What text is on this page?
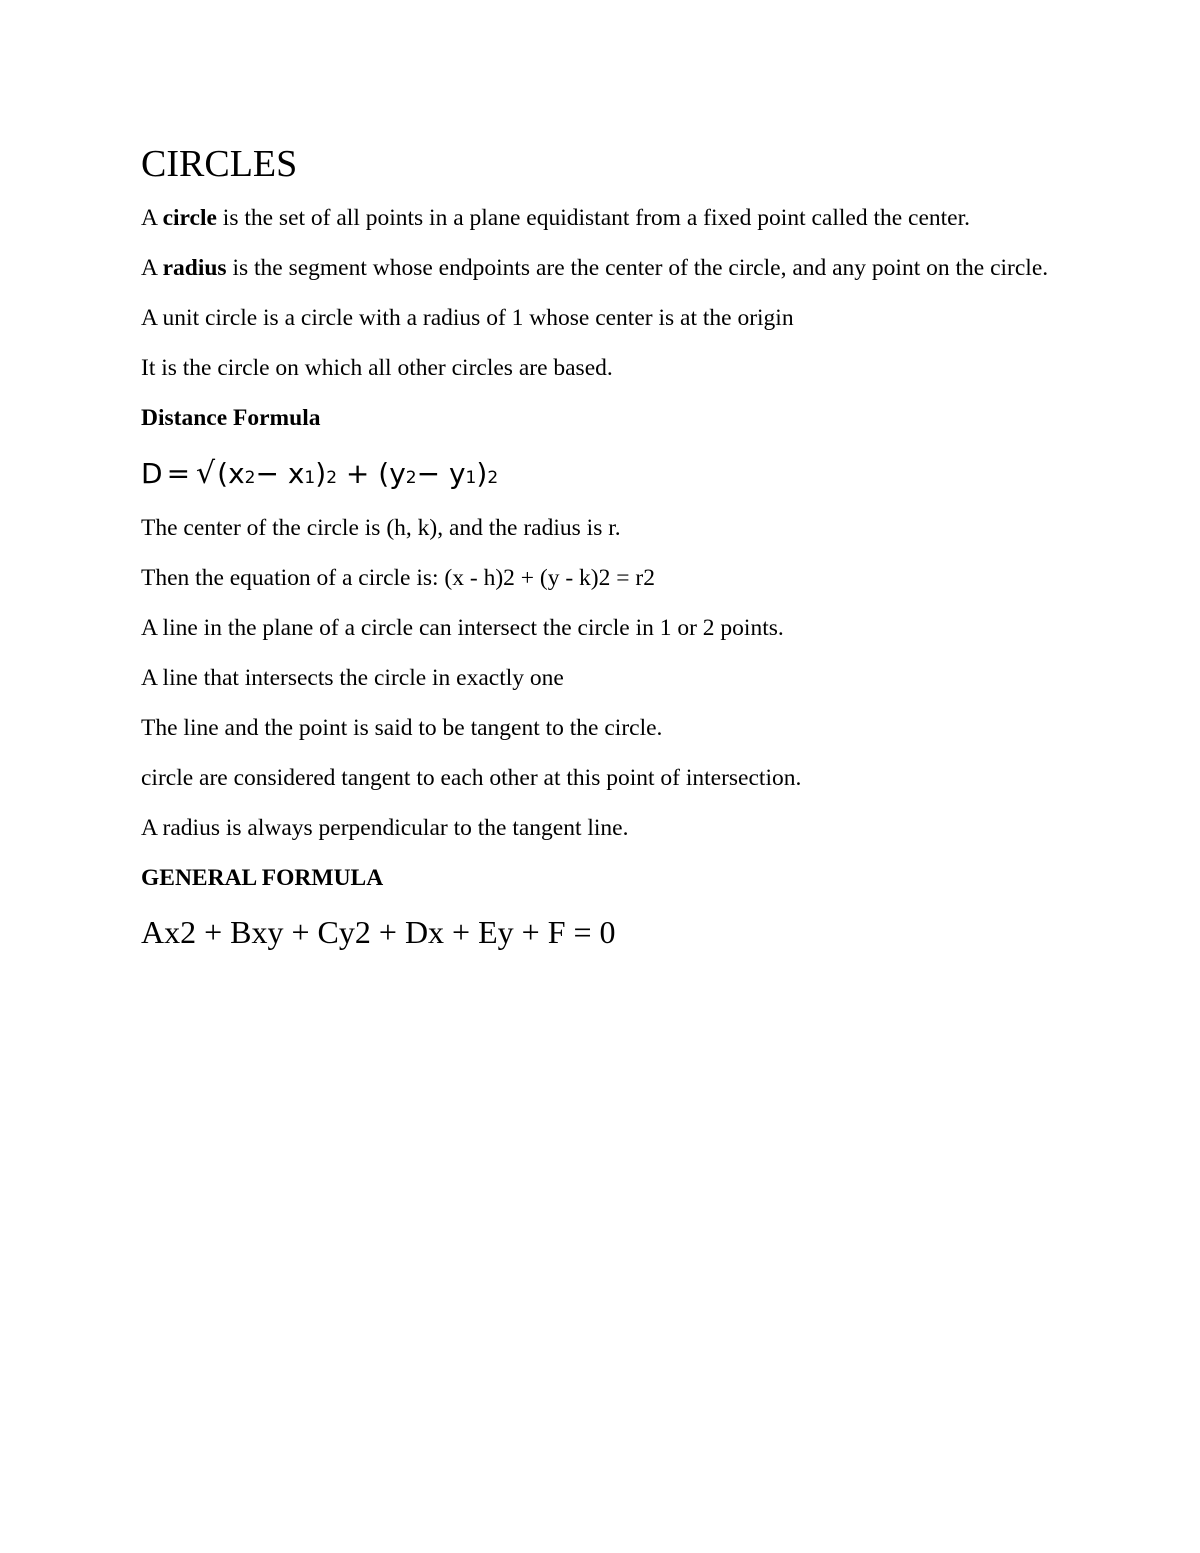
CIRCLES

A circle is the set of all points in a plane equidistant from a fixed point called the center.

A radius is the segment whose endpoints are the center of the circle, and any point on the circle.

A unit circle is a circle with a radius of 1 whose center is at the origin

It is the circle on which all other circles are based.

Distance Formula
D = √ (x 2 − x 1 ) 2 + (y 2 − y 1 ) 2

The center of the circle is (h, k), and the radius is r.

Then the equation of a circle is: (x - h)2 + (y - k)2 = r2

A line in the plane of a circle can intersect the circle in 1 or 2 points.

A line that intersects the circle in exactly one

The line and the point is said to be tangent to the circle.

circle are considered tangent to each other at this point of intersection.

A radius is always perpendicular to the tangent line.

GENERAL FORMULA

Ax2 + Bxy + Cy2 + Dx + Ey + F = 0
